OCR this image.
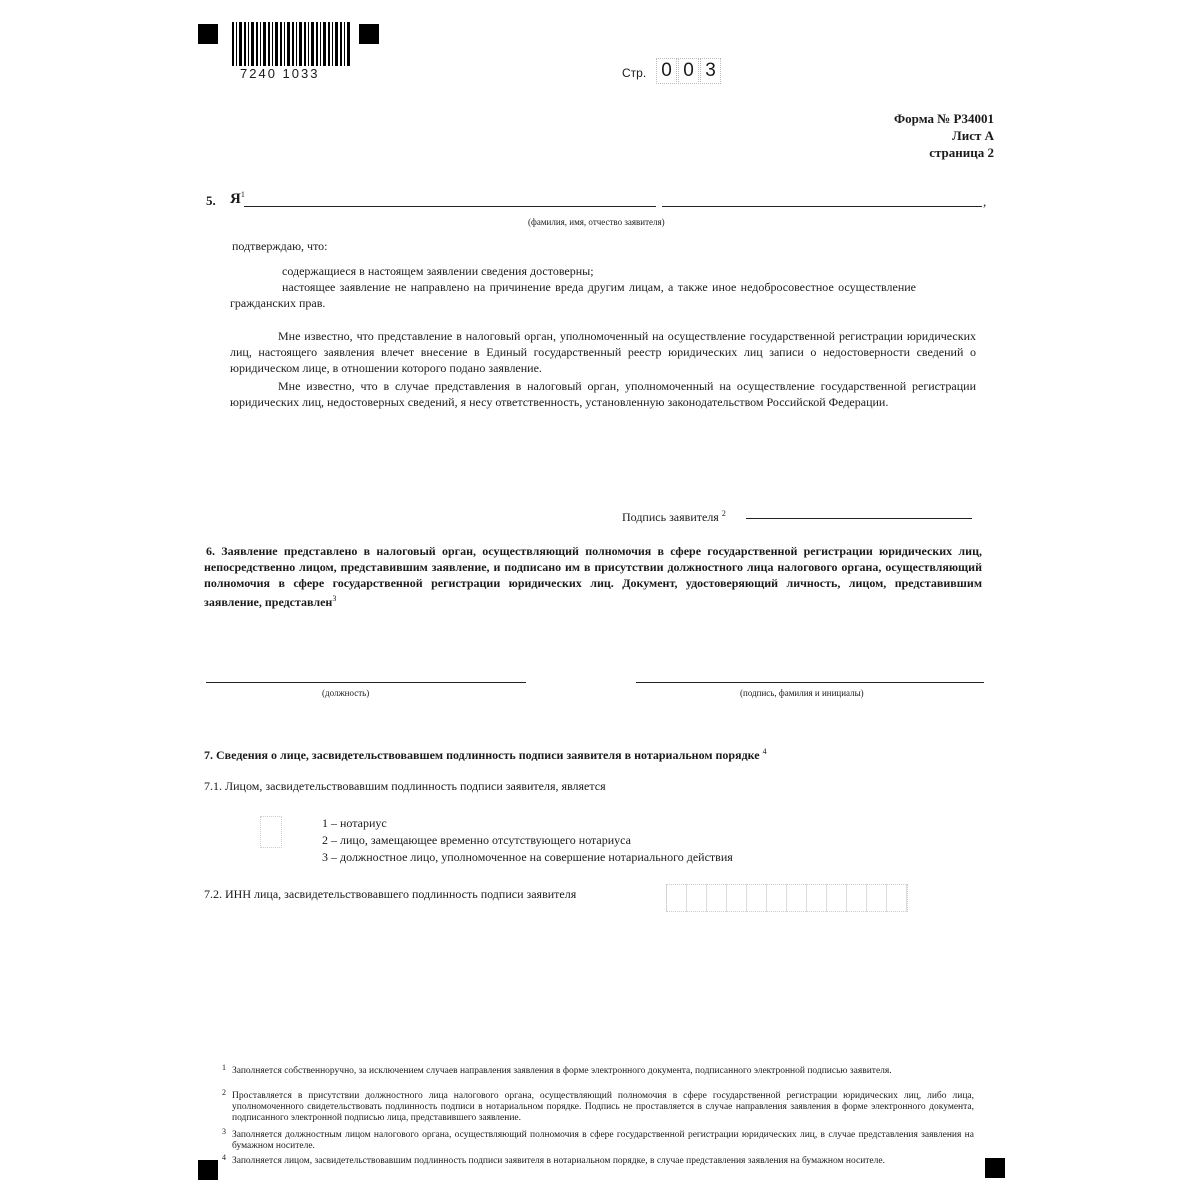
7240 1033	Стр. 0 0 3
Форма № Р34001
Лист А
страница 2
5. $Я^1$	,
(фамилия, имя, отчество заявителя)
подтверждаю, что:
содержащиеся в настоящем заявлении сведения достоверны;
настоящее заявление не направлено на причинение вреда другим лицам, а также иное недобросовестное осуществление гражданских прав.
Мне известно, что представление в налоговый орган, уполномоченный на осуществление государственной регистрации юридических лиц, настоящего заявления влечет внесение в Единый государственный реестр юридических лиц записи о недостоверности сведений о юридическом лице, в отношении которого подано заявление.
Мне известно, что в случае представления в налоговый орган, уполномоченный на осуществление государственной регистрации юридических лиц, недостоверных сведений, я несу ответственность, установленную законодательством Российской Федерации.
Подпись заявителя $^2$
6. Заявление представлено в налоговый орган, осуществляющий полномочия в сфере государственной регистрации юридических лиц, непосредственно лицом, представившим заявление, и подписано им в присутствии должностного лица налогового органа, осуществляющий полномочия в сфере государственной регистрации юридических лиц. Документ, удостоверяющий личность, лицом, представившим заявление, представлен$^3$
(должность)	(подпись, фамилия и инициалы)
7. Сведения о лице, засвидетельствовавшем подлинность подписи заявителя в нотариальном порядке $^4$
7.1. Лицом, засвидетельствовавшим подлинность подписи заявителя, является
1 – нотариус
2 – лицо, замещающее временно отсутствующего нотариуса
3 – должностное лицо, уполномоченное на совершение нотариального действия
7.2. ИНН лица, засвидетельствовавшего подлинность подписи заявителя
1 Заполняется собственноручно, за исключением случаев направления заявления в форме электронного документа, подписанного электронной подписью заявителя.
2 Проставляется в присутствии должностного лица налогового органа, осуществляющий полномочия в сфере государственной регистрации юридических лиц, либо лица, уполномоченного свидетельствовать подлинность подписи в нотариальном порядке. Подпись не проставляется в случае направления заявления в форме электронного документа, подписанного электронной подписью лица, представившего заявление.
3 Заполняется должностным лицом налогового органа, осуществляющий полномочия в сфере государственной регистрации юридических лиц, в случае представления заявления на бумажном носителе.
4 Заполняется лицом, засвидетельствовавшим подлинность подписи заявителя в нотариальном порядке, в случае представления заявления на бумажном носителе.
